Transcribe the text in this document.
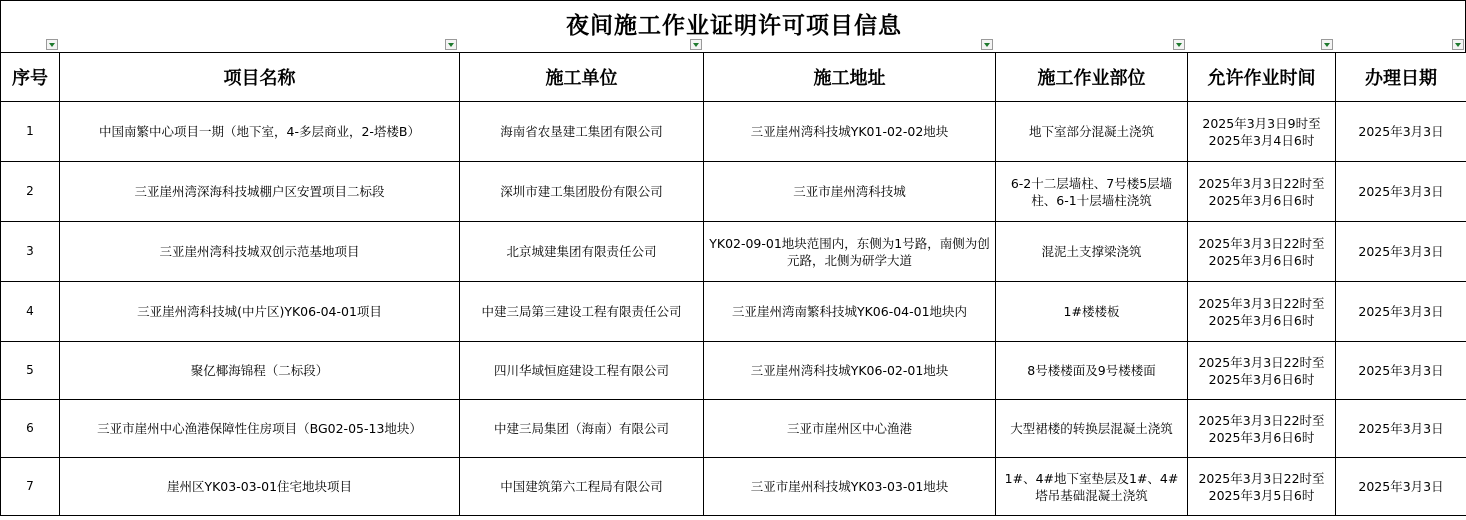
夜间施工作业证明许可项目信息
序号	项目名称	施工单位	施工地址	施工作业部位	允许作业时间	办理日期
1	中国南繁中心项目一期（地下室，4-多层商业，2-塔楼B）	海南省农垦建工集团有限公司	三亚崖州湾科技城YK01-02-02地块	地下室部分混凝土浇筑	2025年3月3日9时至2025年3月4日6时	2025年3月3日
2	三亚崖州湾深海科技城棚户区安置项目二标段	深圳市建工集团股份有限公司	三亚市崖州湾科技城	6-2十二层墙柱、7号楼5层墙柱、6-1十层墙柱浇筑	2025年3月3日22时至2025年3月6日6时	2025年3月3日
3	三亚崖州湾科技城双创示范基地项目	北京城建集团有限责任公司	YK02-09-01地块范围内，东侧为1号路，南侧为创元路，北侧为研学大道	混泥土支撑梁浇筑	2025年3月3日22时至2025年3月6日6时	2025年3月3日
4	三亚崖州湾科技城(中片区)YK06-04-01项目	中建三局第三建设工程有限责任公司	三亚崖州湾南繁科技城YK06-04-01地块内	1#楼楼板	2025年3月3日22时至2025年3月6日6时	2025年3月3日
5	聚亿椰海锦程（二标段）	四川华域恒庭建设工程有限公司	三亚崖州湾科技城YK06-02-01地块	8号楼楼面及9号楼楼面	2025年3月3日22时至2025年3月6日6时	2025年3月3日
6	三亚市崖州中心渔港保障性住房项目（BG02-05-13地块）	中建三局集团（海南）有限公司	三亚市崖州区中心渔港	大型裙楼的转换层混凝土浇筑	2025年3月3日22时至2025年3月6日6时	2025年3月3日
7	崖州区YK03-03-01住宅地块项目	中国建筑第六工程局有限公司	三亚市崖州科技城YK03-03-01地块	1#、4#地下室垫层及1#、4#塔吊基础混凝土浇筑	2025年3月3日22时至2025年3月5日6时	2025年3月3日
